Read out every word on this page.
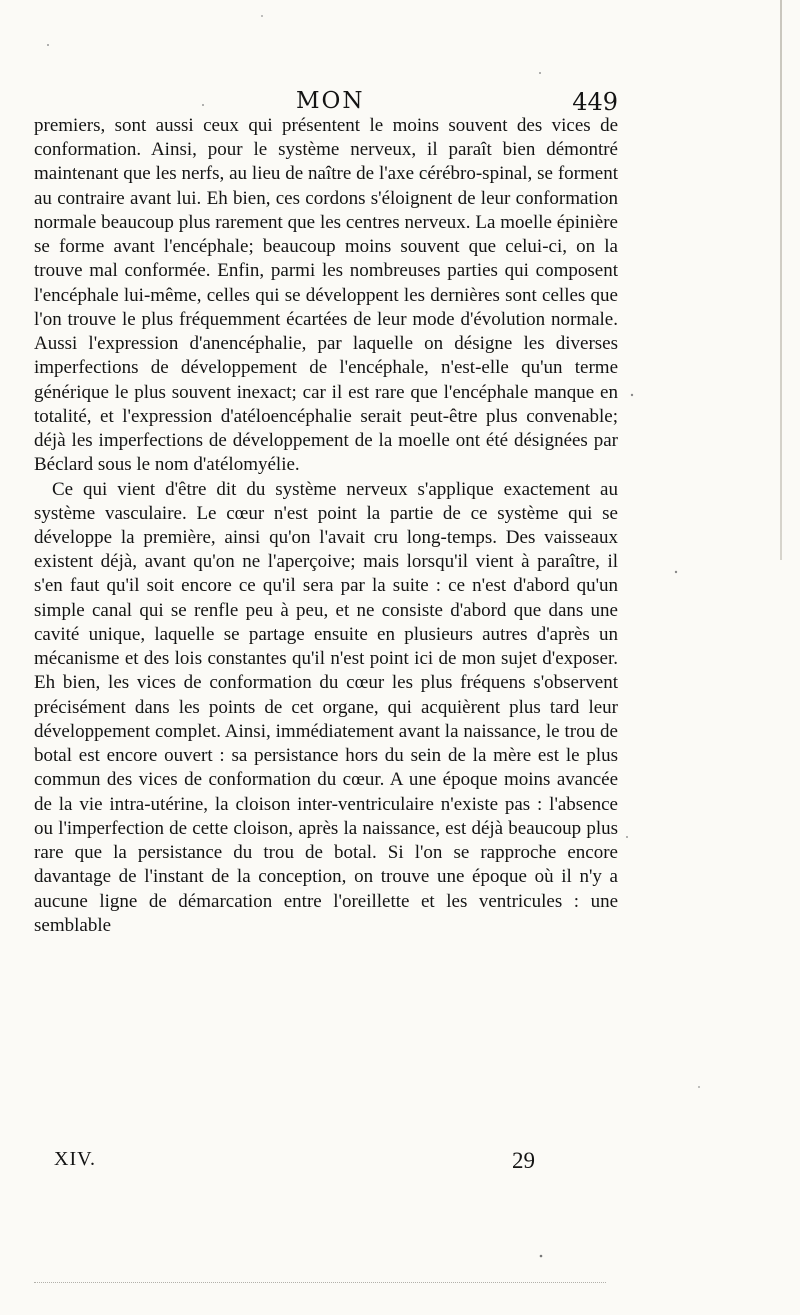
MON	449

premiers, sont aussi ceux qui présentent le moins souvent des vices de conformation. Ainsi, pour le système nerveux, il paraît bien démontré maintenant que les nerfs, au lieu de naître de l'axe cérébro-spinal, se forment au contraire avant lui. Eh bien, ces cordons s'éloignent de leur conformation normale beaucoup plus rarement que les centres nerveux. La moelle épinière se forme avant l'encéphale; beaucoup moins souvent que celui-ci, on la trouve mal conformée. Enfin, parmi les nombreuses parties qui composent l'encéphale lui-même, celles qui se développent les dernières sont celles que l'on trouve le plus fréquemment écartées de leur mode d'évolution normale. Aussi l'expression d'anencéphalie, par laquelle on désigne les diverses imperfections de développement de l'encéphale, n'est-elle qu'un terme générique le plus souvent inexact; car il est rare que l'encéphale manque en totalité, et l'expression d'atéloencéphalie serait peut-être plus convenable; déjà les imperfections de développement de la moelle ont été désignées par Béclard sous le nom d'atélomyélie.

Ce qui vient d'être dit du système nerveux s'applique exactement au système vasculaire. Le cœur n'est point la partie de ce système qui se développe la première, ainsi qu'on l'avait cru long-temps. Des vaisseaux existent déjà, avant qu'on ne l'aperçoive; mais lorsqu'il vient à paraître, il s'en faut qu'il soit encore ce qu'il sera par la suite : ce n'est d'abord qu'un simple canal qui se renfle peu à peu, et ne consiste d'abord que dans une cavité unique, laquelle se partage ensuite en plusieurs autres d'après un mécanisme et des lois constantes qu'il n'est point ici de mon sujet d'exposer. Eh bien, les vices de conformation du cœur les plus fréquens s'observent précisément dans les points de cet organe, qui acquièrent plus tard leur développement complet. Ainsi, immédiatement avant la naissance, le trou de botal est encore ouvert : sa persistance hors du sein de la mère est le plus commun des vices de conformation du cœur. A une époque moins avancée de la vie intra-utérine, la cloison inter-ventriculaire n'existe pas : l'absence ou l'imperfection de cette cloison, après la naissance, est déjà beaucoup plus rare que la persistance du trou de botal. Si l'on se rapproche encore davantage de l'instant de la conception, on trouve une époque où il n'y a aucune ligne de démarcation entre l'oreillette et les ventricules : une semblable

XIV.	29
